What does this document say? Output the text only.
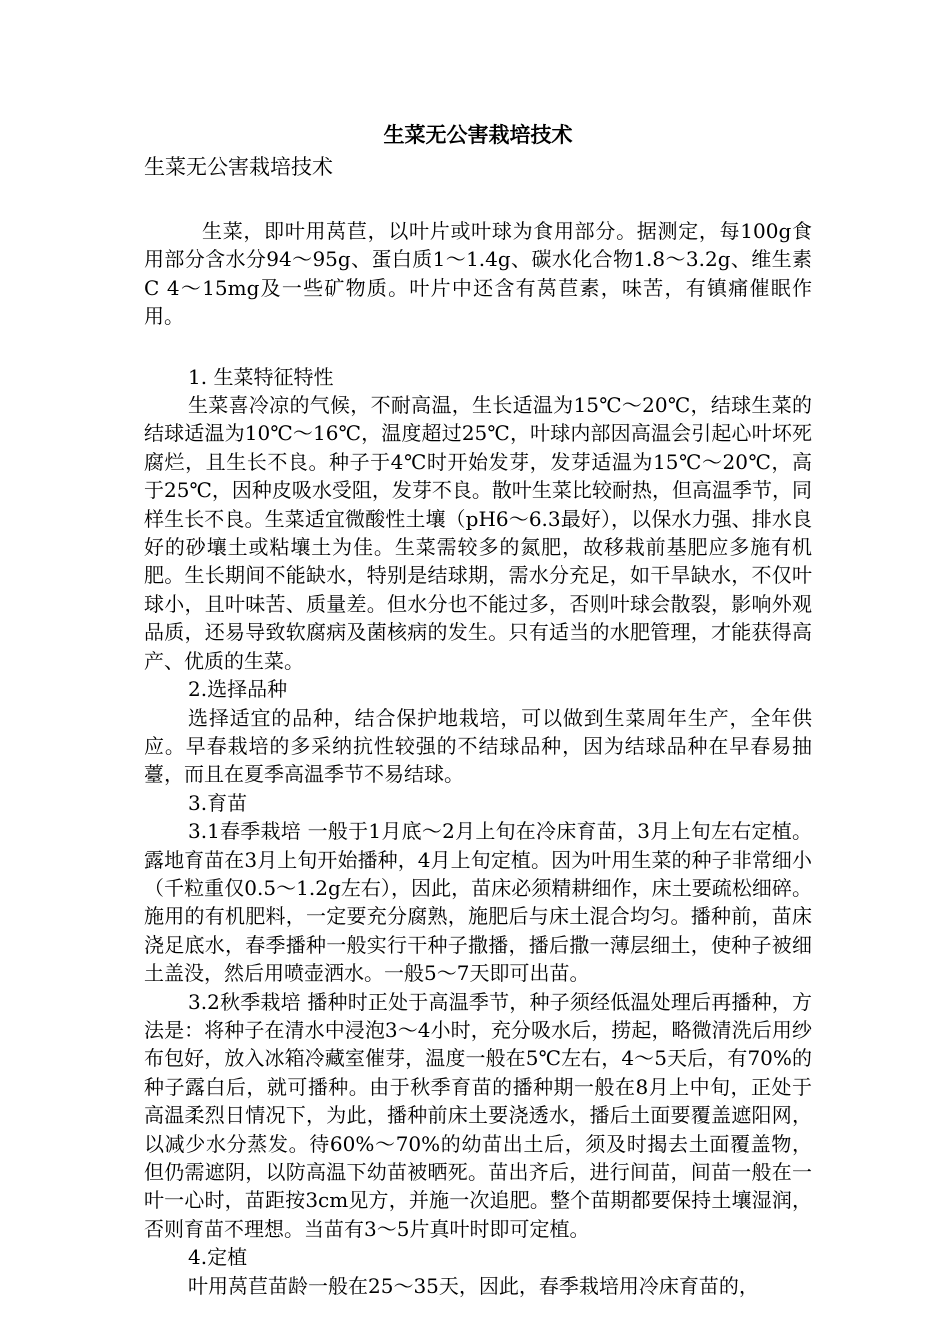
生菜无公害栽培技术

生菜无公害栽培技术

生菜，即叶用莴苣，以叶片或叶球为食用部分。据测定，每100g食用部分含水分94～95g、蛋白质1～1.4g、碳水化合物1.8～3.2g、维生素C 4～15mg及一些矿物质。叶片中还含有莴苣素，味苦，有镇痛催眠作用。

1. 生菜特征特性

生菜喜冷凉的气候，不耐高温，生长适温为15℃～20℃，结球生菜的结球适温为10℃～16℃，温度超过25℃，叶球内部因高温会引起心叶坏死腐烂，且生长不良。种子于4℃时开始发芽，发芽适温为15℃～20℃，高于25℃，因种皮吸水受阻，发芽不良。散叶生菜比较耐热，但高温季节，同样生长不良。生菜适宜微酸性土壤（pH6～6.3最好），以保水力强、排水良好的砂壤土或粘壤土为佳。生菜需较多的氮肥，故移栽前基肥应多施有机肥。生长期间不能缺水，特别是结球期，需水分充足，如干旱缺水，不仅叶球小，且叶味苦、质量差。但水分也不能过多，否则叶球会散裂，影响外观品质，还易导致软腐病及菌核病的发生。只有适当的水肥管理，才能获得高产、优质的生菜。

2.选择品种

选择适宜的品种，结合保护地栽培，可以做到生菜周年生产，全年供应。早春栽培的多采纳抗性较强的不结球品种，因为结球品种在早春易抽薹，而且在夏季高温季节不易结球。

3.育苗

3.1春季栽培 一般于1月底～2月上旬在冷床育苗，3月上旬左右定植。露地育苗在3月上旬开始播种，4月上旬定植。因为叶用生菜的种子非常细小（千粒重仅0.5～1.2g左右），因此，苗床必须精耕细作，床土要疏松细碎。施用的有机肥料，一定要充分腐熟，施肥后与床土混合均匀。播种前，苗床浇足底水，春季播种一般实行干种子撒播，播后撒一薄层细土，使种子被细土盖没，然后用喷壶洒水。一般5～7天即可出苗。

3.2秋季栽培 播种时正处于高温季节，种子须经低温处理后再播种，方法是：将种子在清水中浸泡3～4小时，充分吸水后，捞起，略微清洗后用纱布包好，放入冰箱冷藏室催芽，温度一般在5℃左右，4～5天后，有70%的种子露白后，就可播种。由于秋季育苗的播种期一般在8月上中旬，正处于高温柔烈日情况下，为此，播种前床土要浇透水，播后土面要覆盖遮阳网，以减少水分蒸发。待60%～70%的幼苗出土后，须及时揭去土面覆盖物，但仍需遮阴，以防高温下幼苗被晒死。苗出齐后，进行间苗，间苗一般在一叶一心时，苗距按3cm见方，并施一次追肥。整个苗期都要保持土壤湿润，否则育苗不理想。当苗有3～5片真叶时即可定植。

4.定植

叶用莴苣苗龄一般在25～35天，因此，春季栽培用冷床育苗的，
